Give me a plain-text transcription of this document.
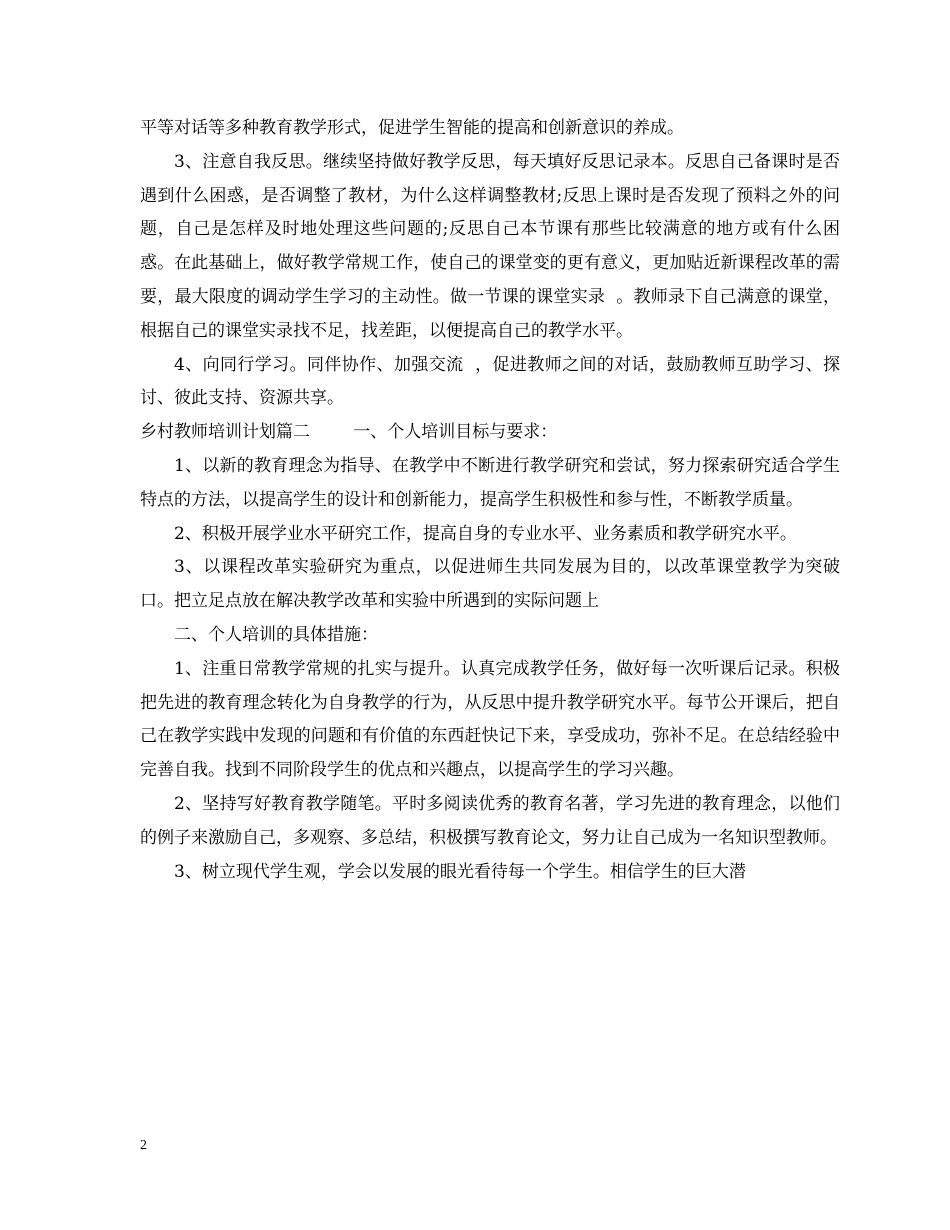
平等对话等多种教育教学形式，促进学生智能的提高和创新意识的养成。

3、注意自我反思。继续坚持做好教学反思，每天填好反思记录本。反思自己备课时是否遇到什么困惑，是否调整了教材，为什么这样调整教材;反思上课时是否发现了预料之外的问题，自己是怎样及时地处理这些问题的;反思自己本节课有那些比较满意的地方或有什么困惑。在此基础上，做好教学常规工作，使自己的课堂变的更有意义，更加贴近新课程改革的需要，最大限度的调动学生学习的主动性。做一节课的课堂实录  。教师录下自己满意的课堂，根据自己的课堂实录找不足，找差距，以便提高自己的教学水平。

4、向同行学习。同伴协作、加强交流  ，促进教师之间的对话，鼓励教师互助学习、探讨、彼此支持、资源共享。

乡村教师培训计划篇二        一、个人培训目标与要求：

1、以新的教育理念为指导、在教学中不断进行教学研究和尝试，努力探索研究适合学生特点的方法，以提高学生的设计和创新能力，提高学生积极性和参与性，不断教学质量。

2、积极开展学业水平研究工作，提高自身的专业水平、业务素质和教学研究水平。

3、以课程改革实验研究为重点，以促进师生共同发展为目的，以改革课堂教学为突破口。把立足点放在解决教学改革和实验中所遇到的实际问题上

二、个人培训的具体措施：

1、注重日常教学常规的扎实与提升。认真完成教学任务，做好每一次听课后记录。积极把先进的教育理念转化为自身教学的行为，从反思中提升教学研究水平。每节公开课后，把自己在教学实践中发现的问题和有价值的东西赶快记下来，享受成功，弥补不足。在总结经验中完善自我。找到不同阶段学生的优点和兴趣点，以提高学生的学习兴趣。

2、坚持写好教育教学随笔。平时多阅读优秀的教育名著，学习先进的教育理念，以他们的例子来激励自己，多观察、多总结，积极撰写教育论文，努力让自己成为一名知识型教师。

3、树立现代学生观，学会以发展的眼光看待每一个学生。相信学生的巨大潜

2
